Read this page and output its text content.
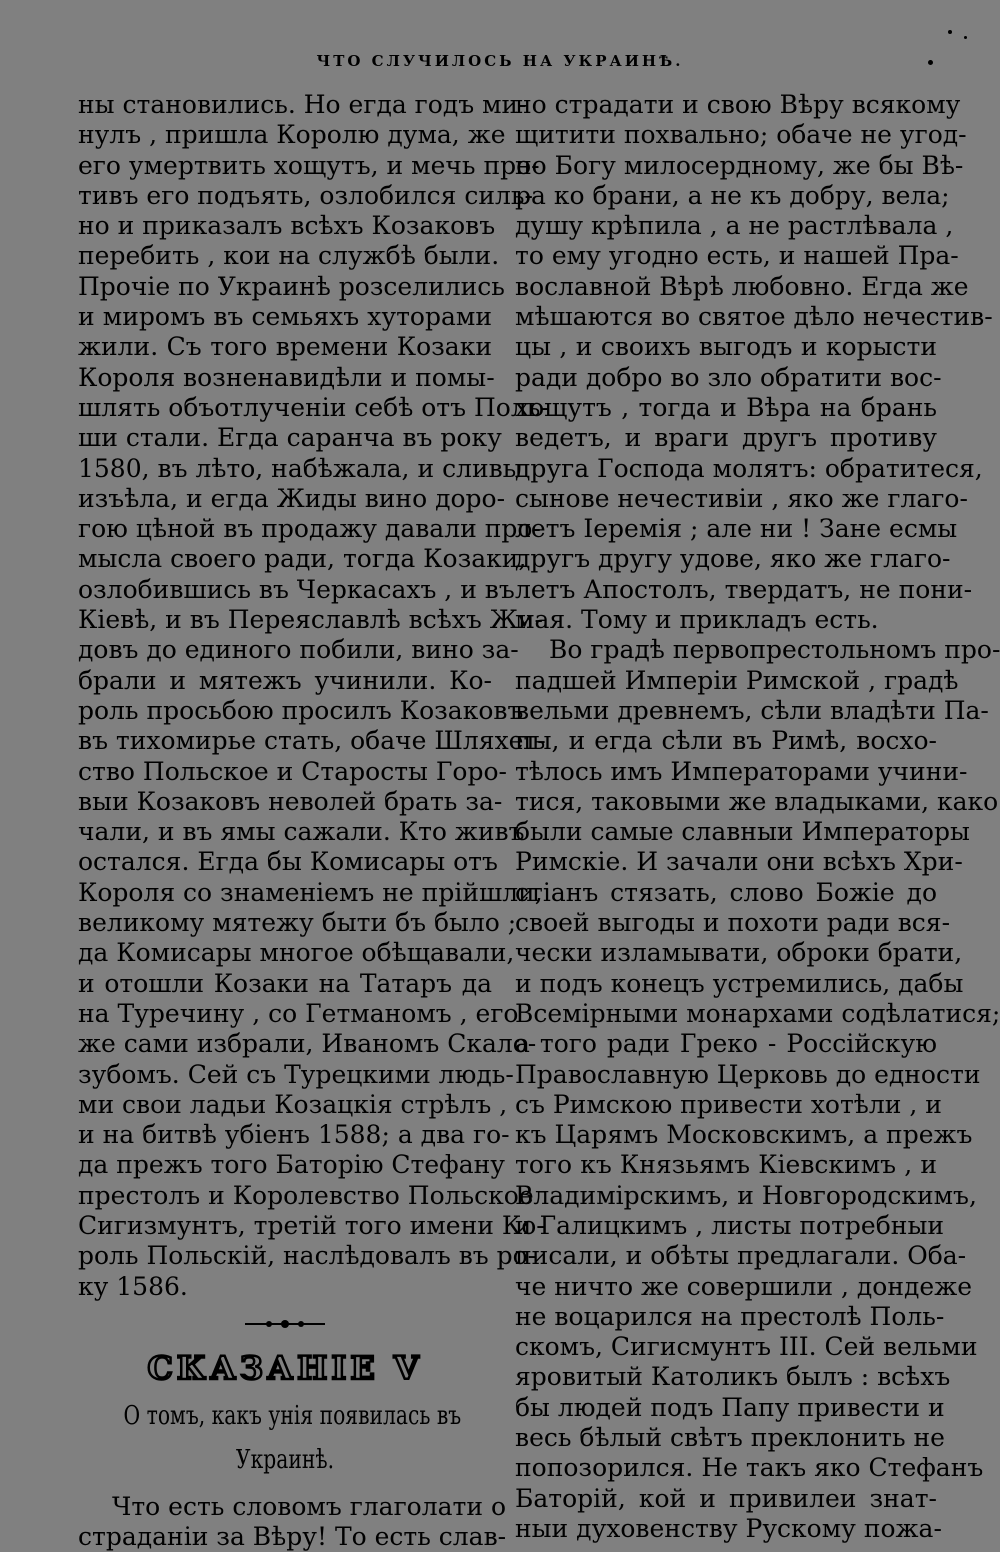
ЧТО СЛУЧИЛОСЬ НА УКРАИНѢ.
ны становились. Но егда годъ ми-
нулъ , пришла Королю дума, же
его умертвить хощутъ, и мечь про-
тивъ его подъять, озлобился силь-
но и приказалъ всѣхъ Козаковъ
перебить , кои на службѣ были.
Прочіе по Украинѣ розселились
и миромъ въ семьяхъ хуторами
жили. Съ того времени Козаки
Короля возненавидѣли и помы-
шлять объотлученіи себѣ отъ Поль-
ши стали. Егда саранча въ року
1580, въ лѣто, набѣжала, и сливы
изъѣла, и егда Жиды вино доро-
гою цѣной въ продажу давали про-
мысла своего ради, тогда Козаки,
озлобившись въ Черкасахъ , и въ
Кіевѣ, и въ Переяславлѣ всѣхъ Жи-
довъ до единого побили, вино за-
брали и мятежъ учинили. Ко-
роль просьбою просилъ Козаковъ
въ тихомирье стать, обаче Шляхет-
ство Польское и Старосты Горо-
выи Козаковъ неволей брать за-
чали, и въ ямы сажали. Кто живъ
остался. Егда бы Комисары отъ
Короля со знаменіемъ не прійшли,
великому мятежу быти бъ было ;
да Комисары многое обѣщавали,
и отошли Козаки на Татаръ да
на Туречину , со Гетманомъ , его
же сами избрали, Иваномъ Скало-
зубомъ. Сей съ Турецкими людь-
ми свои ладьи Козацкія стрѣлъ ,
и на битвѣ убіенъ 1588; а два го-
да прежъ того Баторію Стефану
престолъ и Королевство Польское
Сигизмунтъ, третій того имени Ко-
роль Польскій, наслѣдовалъ въ ро-
ку 1586.
СКАЗАНІЕ V
О томъ, какъ унія появилась въ
Украинѣ.
Что есть словомъ глаголати о
страданіи за Вѣру! То есть слав-
но страдати и свою Вѣру всякому
щитити похвально; обаче не угод-
но Богу милосердному, же бы Вѣ-
ра ко брани, а не къ добру, вела;
душу крѣпила , а не растлѣвала ,
то ему угодно есть, и нашей Пра-
вославной Вѣрѣ любовно. Егда же
мѣшаются во святое дѣло нечестив-
цы , и своихъ выгодъ и корысти
ради добро во зло обратити вос-
хощутъ , тогда и Вѣра на брань
ведетъ, и враги другъ противу
друга Господа молятъ: обратитеся,
сынове нечестивіи , яко же глаго-
летъ Іеремія ; але ни ! Зане есмы
другъ другу удове, яко же глаго-
летъ Апостолъ, твердатъ, не пони-
мая. Тому и прикладъ есть.
Во градѣ первопрестольномъ про-
падшей Имперіи Римской , градѣ
вельми древнемъ, сѣли владѣти Па-
пы, и егда сѣли въ Римѣ, восхо-
тѣлось имъ Императорами учини-
тися, таковыми же владыками, како
были самые славныи Императоры
Римскіе. И зачали они всѣхъ Хри-
стіанъ стязать, слово Божіе до
своей выгоды и похоти ради вся-
чески изламывати, оброки брати,
и подъ конецъ устремились, дабы
Всемірными монархами содѣлатися;
а того ради Греко - Россійскую
Православную Церковь до едности
съ Римскою привести хотѣли , и
къ Царямъ Московскимъ, а прежъ
того къ Князьямъ Кіевскимъ , и
Владимірскимъ, и Новгородскимъ,
и Галицкимъ , листы потребныи
писали, и обѣты предлагали. Оба-
че ничто же совершили , дондеже
не воцарился на престолѣ Поль-
скомъ, Сигисмунтъ III. Сей вельми
яровитый Католикъ былъ : всѣхъ
бы людей подъ Папу привести и
весь бѣлый свѣтъ преклонить не
попозорился. Не такъ яко Стефанъ
Баторій, кой и привилеи знат-
ныи духовенству Рускому пожа-
